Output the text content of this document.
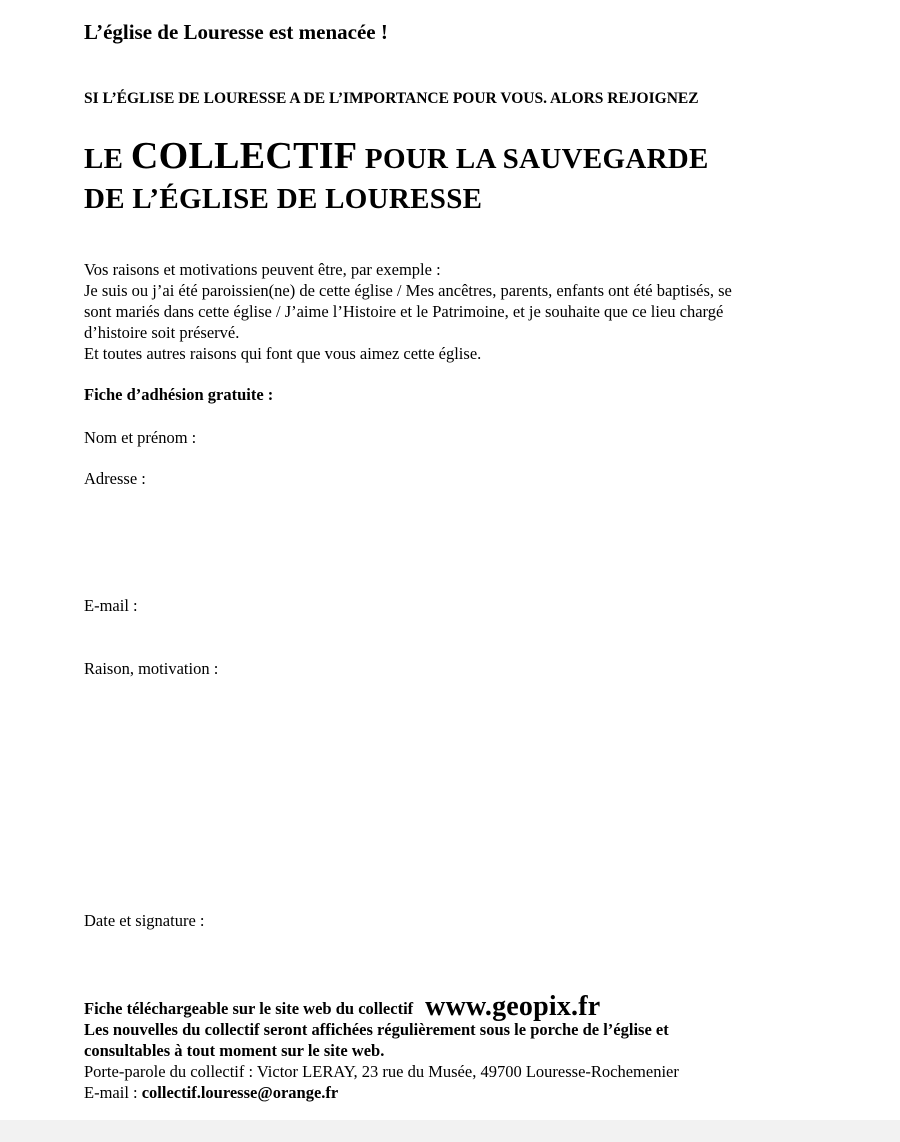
L’église de Louresse est menacée !
SI L’ÉGLISE DE LOURESSE A DE L’IMPORTANCE POUR VOUS. ALORS REJOIGNEZ
LE COLLECTIF POUR LA SAUVEGARDE
DE L’ÉGLISE DE LOURESSE
Vos raisons et motivations peuvent être, par exemple :
Je suis ou j’ai été paroissien(ne) de cette église / Mes ancêtres, parents, enfants ont été baptisés, se
sont mariés dans cette église / J’aime l’Histoire et le Patrimoine, et je souhaite que ce lieu chargé
d’histoire soit préservé.
Et toutes autres raisons qui font que vous aimez cette église.
Fiche d’adhésion gratuite :
Nom et prénom :
Adresse :
E-mail :
Raison, motivation :
Date et signature :
Fiche téléchargeable sur le site web du collectif www.geopix.fr
Les nouvelles du collectif seront affichées régulièrement sous le porche de l’église et
consultables à tout moment sur le site web.
Porte-parole du collectif : Victor LERAY, 23 rue du Musée, 49700 Louresse-Rochemenier
E-mail : collectif.louresse@orange.fr
